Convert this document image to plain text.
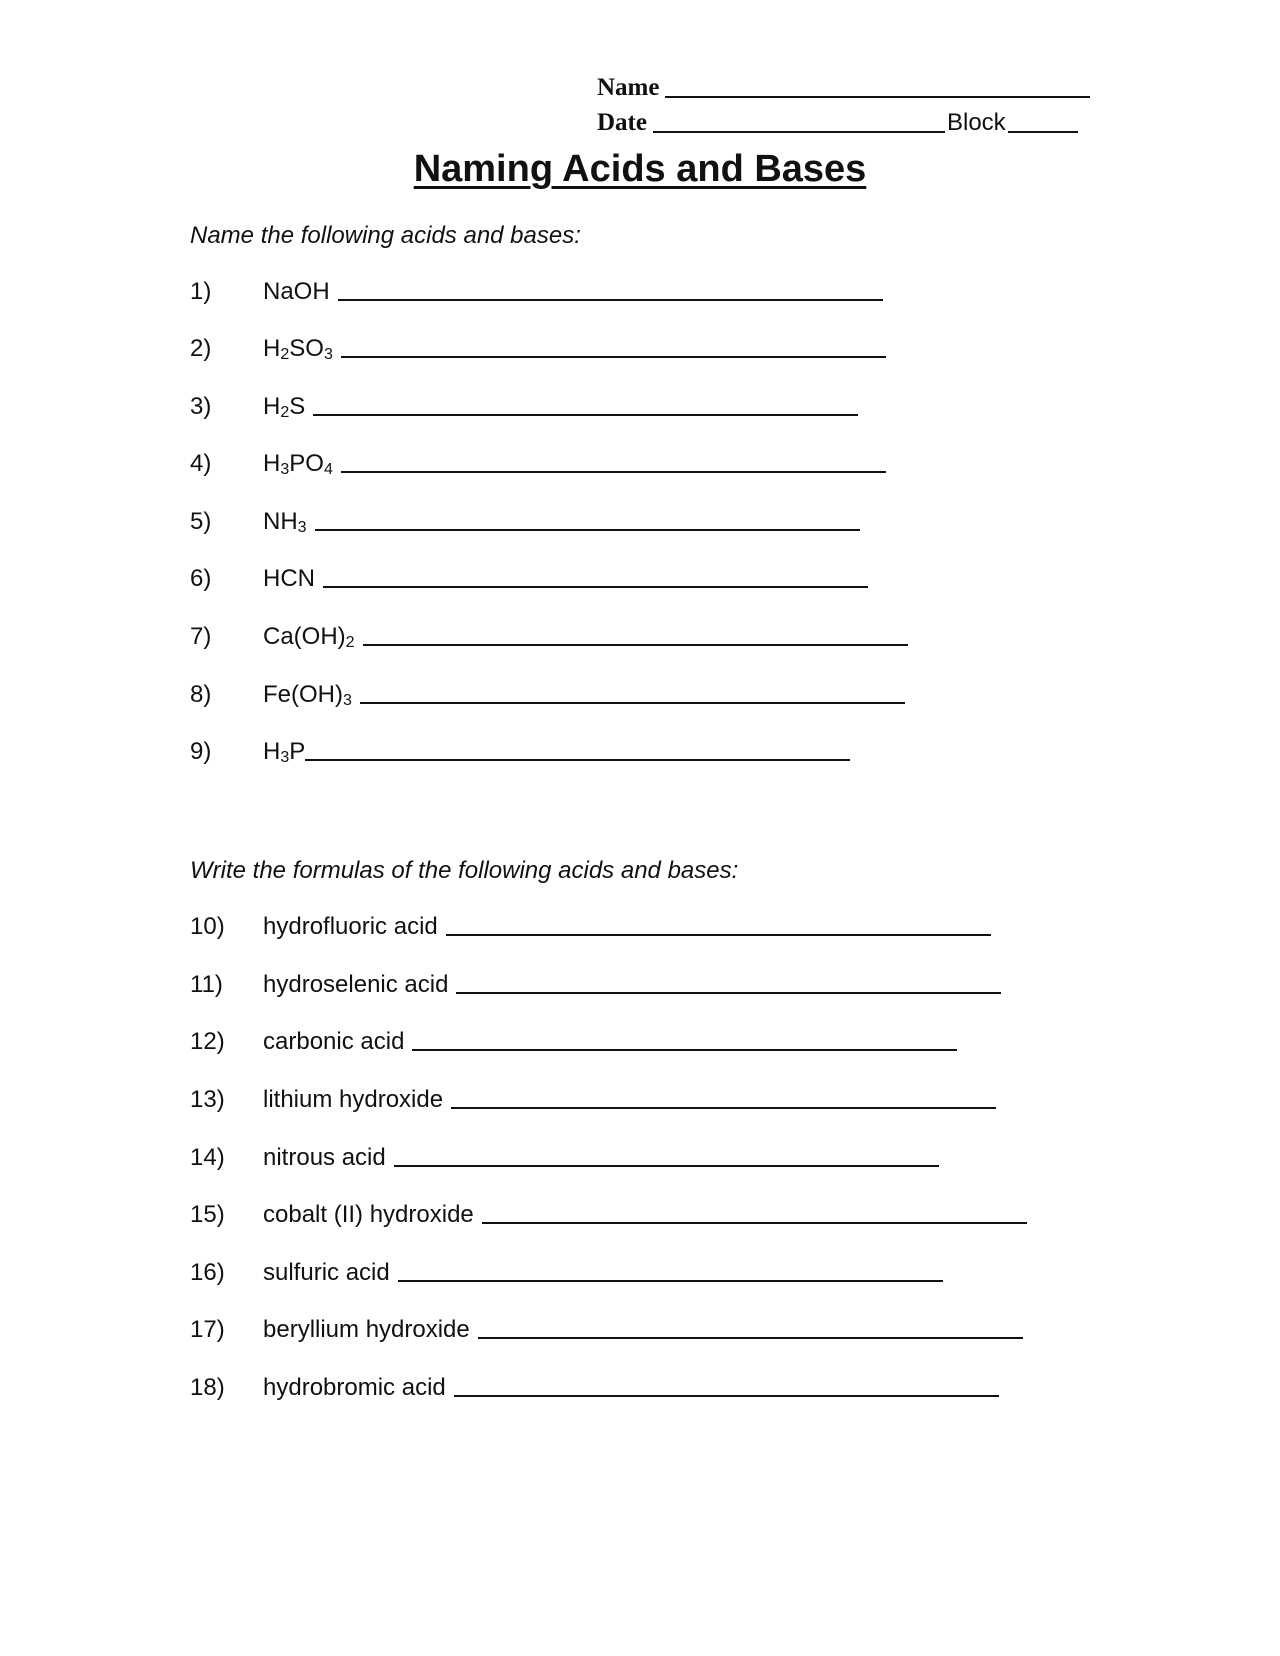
Name
Date	Block
Naming Acids and Bases
Name the following acids and bases:
1)	NaOH
2)	$H_2SO_3$
3)	$H_2S$
4)	$H_3PO_4$
5)	$NH_3$
6)	HCN
7)	$Ca(OH)_2$
8)	$Fe(OH)_3$
9)	$H_3P$
Write the formulas of the following acids and bases:
10)	hydrofluoric acid
11)	hydroselenic acid
12)	carbonic acid
13)	lithium hydroxide
14)	nitrous acid
15)	cobalt (II) hydroxide
16)	sulfuric acid
17)	beryllium hydroxide
18)	hydrobromic acid
